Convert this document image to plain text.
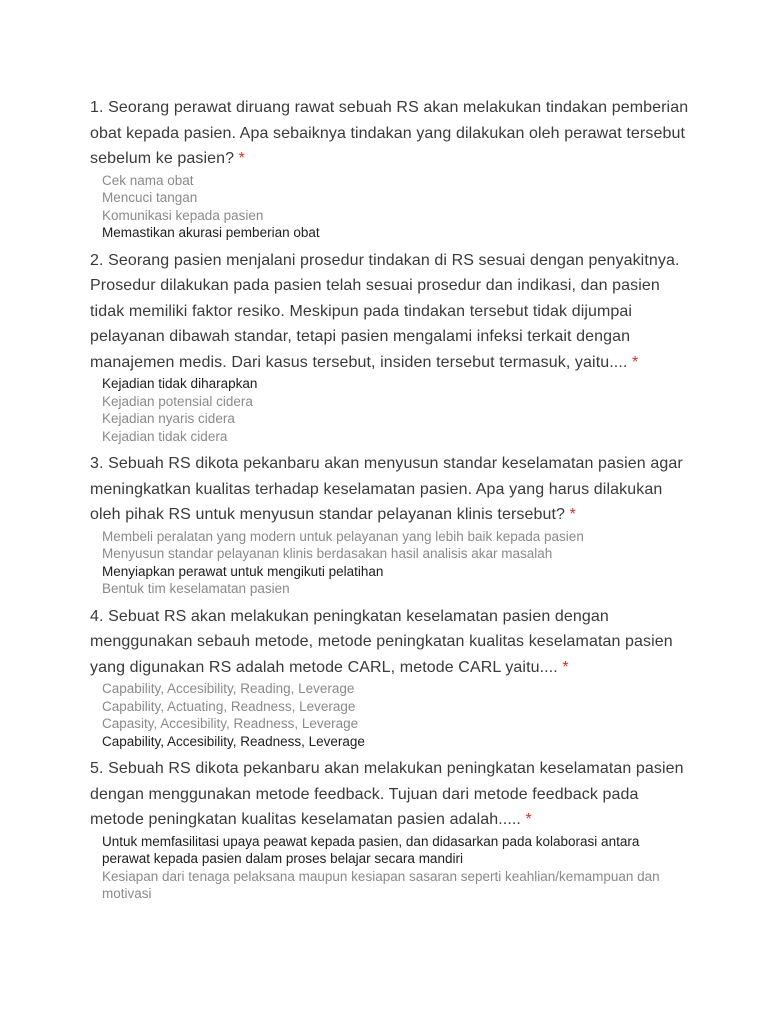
1. Seorang perawat diruang rawat sebuah RS akan melakukan tindakan pemberian obat kepada pasien. Apa sebaiknya tindakan yang dilakukan oleh perawat tersebut sebelum ke pasien? *

Cek nama obat
Mencuci tangan
Komunikasi kepada pasien
Memastikan akurasi pemberian obat

2. Seorang pasien menjalani prosedur tindakan di RS sesuai dengan penyakitnya. Prosedur dilakukan pada pasien telah sesuai prosedur dan indikasi, dan pasien tidak memiliki faktor resiko. Meskipun pada tindakan tersebut tidak dijumpai pelayanan dibawah standar, tetapi pasien mengalami infeksi terkait dengan manajemen medis. Dari kasus tersebut, insiden tersebut termasuk, yaitu.... *

Kejadian tidak diharapkan
Kejadian potensial cidera
Kejadian nyaris cidera
Kejadian tidak cidera

3. Sebuah RS dikota pekanbaru akan menyusun standar keselamatan pasien agar meningkatkan kualitas terhadap keselamatan pasien. Apa yang harus dilakukan oleh pihak RS untuk menyusun standar pelayanan klinis tersebut? *

Membeli peralatan yang modern untuk pelayanan yang lebih baik kepada pasien
Menyusun standar pelayanan klinis berdasakan hasil analisis akar masalah
Menyiapkan perawat untuk mengikuti pelatihan
Bentuk tim keselamatan pasien

4. Sebuat RS akan melakukan peningkatan keselamatan pasien dengan menggunakan sebauh metode, metode peningkatan kualitas keselamatan pasien yang digunakan RS adalah metode CARL, metode CARL yaitu.... *

Capability, Accesibility, Reading, Leverage
Capability, Actuating, Readness, Leverage
Capasity, Accesibility, Readness, Leverage
Capability, Accesibility, Readness, Leverage

5. Sebuah RS dikota pekanbaru akan melakukan peningkatan keselamatan pasien dengan menggunakan metode feedback. Tujuan dari metode feedback pada metode peningkatan kualitas keselamatan pasien adalah..... *

Untuk memfasilitasi upaya peawat kepada pasien, dan didasarkan pada kolaborasi antara perawat kepada pasien dalam proses belajar secara mandiri
Kesiapan dari tenaga pelaksana maupun kesiapan sasaran seperti keahlian/kemampuan dan motivasi
